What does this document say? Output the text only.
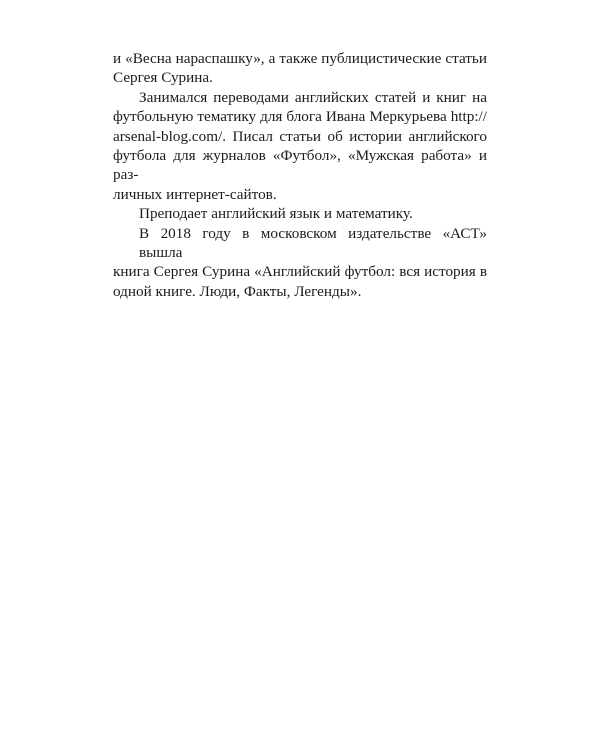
и «Весна нараспашку», а также публицистические статьи
Сергея Сурина.
Занимался переводами английских статей и книг на
футбольную тематику для блога Ивана Меркурьева http://
arsenal-blog.com/. Писал статьи об истории английского
футбола для журналов «Футбол», «Мужская работа» и раз-
личных интернет-сайтов.
Преподает английский язык и математику.
В 2018 году в московском издательстве «АСТ» вышла
книга Сергея Сурина «Английский футбол: вся история в
одной книге. Люди, Факты, Легенды».
